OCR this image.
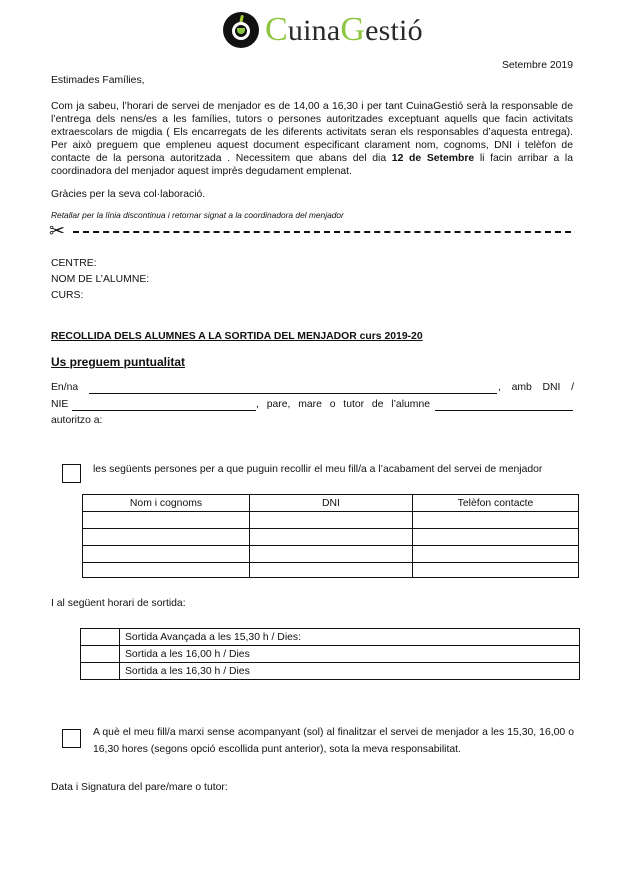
CuinaGestió
Setembre 2019
Estimades Famílies,
Com ja sabeu, l’horari de servei de menjador es de 14,00 a 16,30 i per tant CuinaGestió serà la responsable de l’entrega dels nens/es a les famílies, tutors o persones autoritzades exceptuant aquells que facin activitats extraescolars de migdia ( Els encarregats de les diferents activitats seran els responsables d’aquesta entrega). Per això preguem que empleneu aquest document especificant clarament nom, cognoms, DNI i telèfon de contacte de la persona autoritzada . Necessitem que abans del dia 12 de Setembre li facin arribar a la coordinadora del menjador aquest imprès degudament emplenat.
Gràcies per la seva col·laboració.
Retallar per la línia discontinua i retornar signat a la coordinadora del menjador
✂
CENTRE:
NOM DE L’ALUMNE:
CURS:
RECOLLIDA DELS ALUMNES A LA SORTIDA DEL MENJADOR curs 2019-20
Us preguem puntualitat
En/na	, amb DNI /
NIE	, pare, mare o tutor de l’alumne
autoritzo a:
les següents persones per a que puguin recollir el meu fill/a a l’acabament del servei de menjador
Nom i cognoms	DNI	Telèfon contacte

I al següent horari de sortida:
	Sortida Avançada a les 15,30 h / Dies:
	Sortida a les 16,00 h / Dies
	Sortida a les 16,30 h / Dies
A què el meu fill/a marxi sense acompanyant (sol) al finalitzar el servei de menjador a les 15,30, 16,00 o 16,30 hores (segons opció escollida punt anterior), sota la meva responsabilitat.
Data i Signatura del pare/mare o tutor:
